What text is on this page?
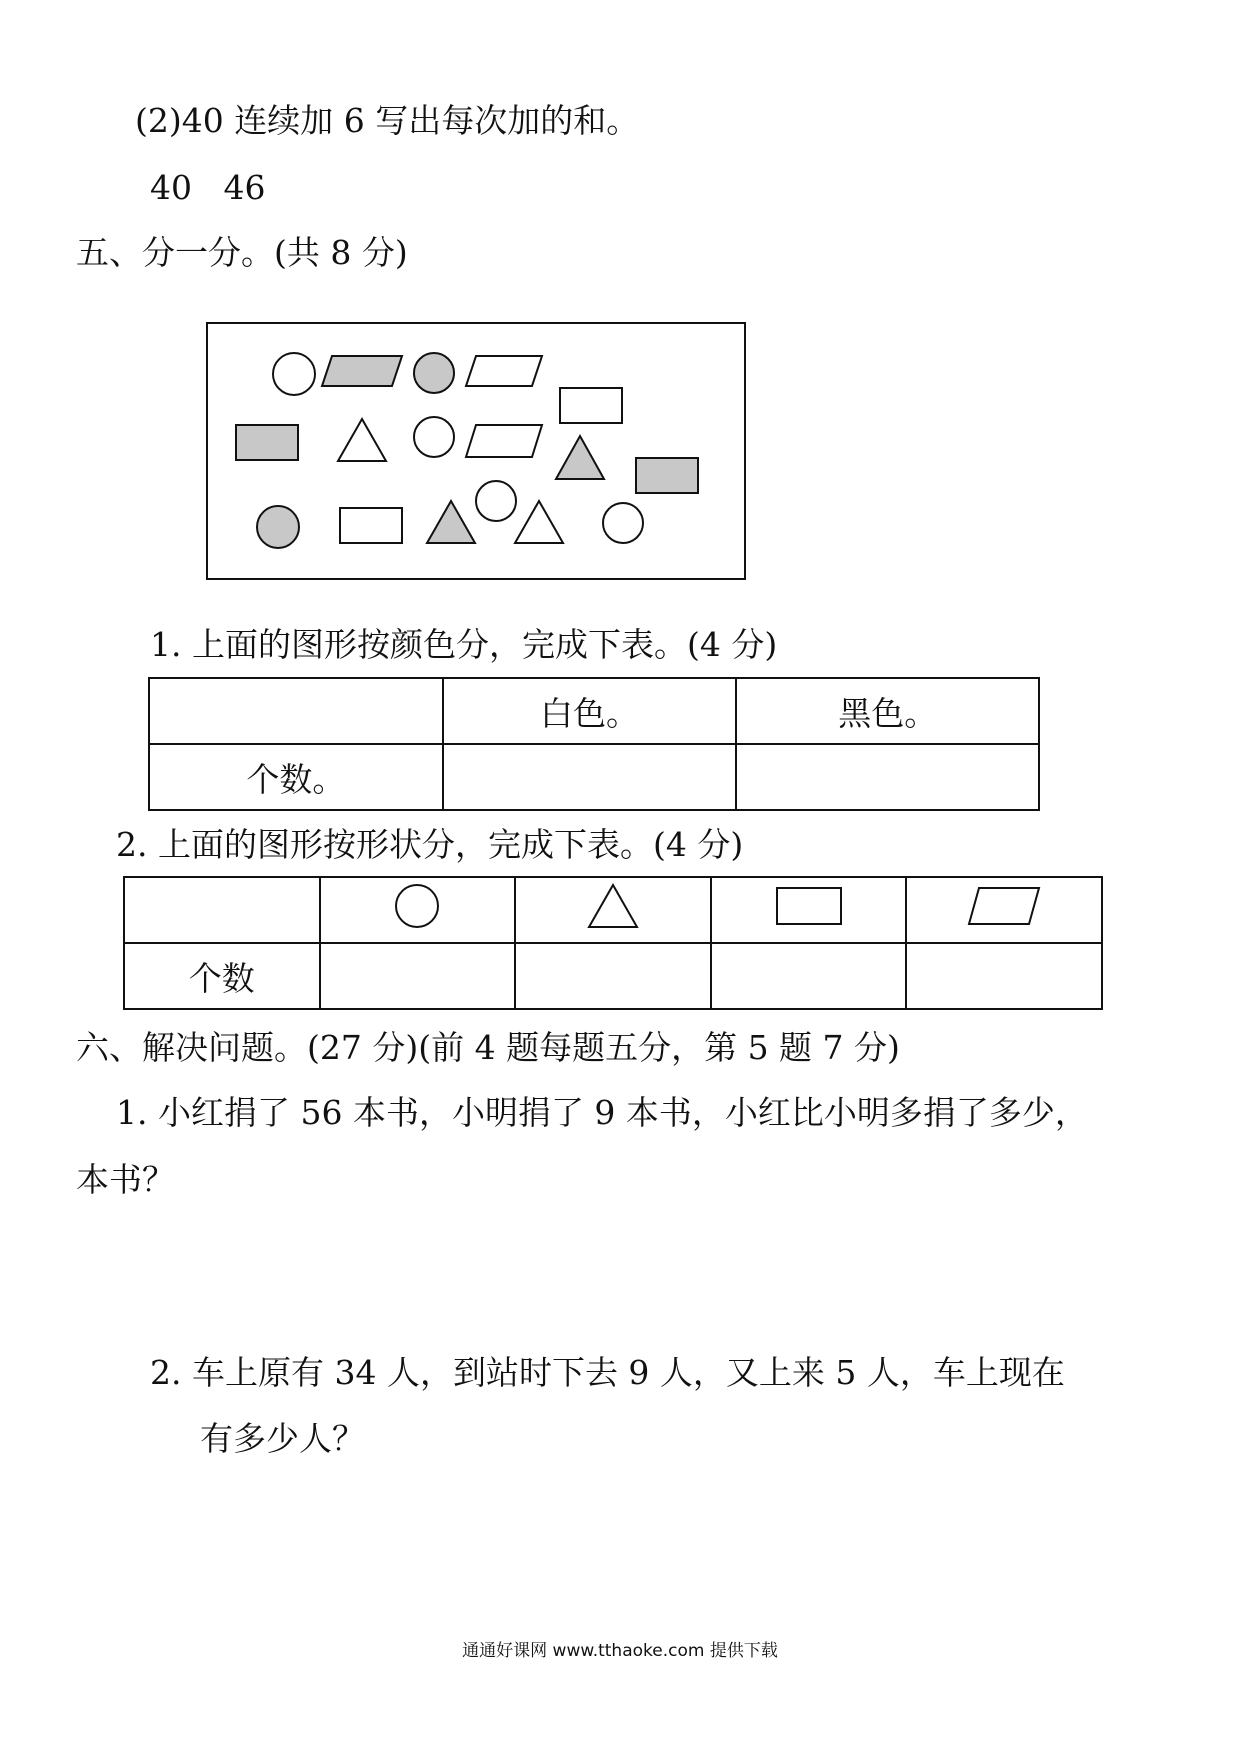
(2)40 连续加 6 写出每次加的和。
40   46
五、分一分。(共 8 分)
1. 上面的图形按颜色分，完成下表。(4 分)
	白色。	黑色。
个数。		
2. 上面的图形按形状分，完成下表。(4 分)

个数				
六、解决问题。(27 分)(前 4 题每题五分，第 5 题 7 分)
1. 小红捐了 56 本书，小明捐了 9 本书，小红比小明多捐了多少，
本书？
2. 车上原有 34 人，到站时下去 9 人，又上来 5 人，车上现在
有多少人？
通通好课网 www.tthaoke.com 提供下载
